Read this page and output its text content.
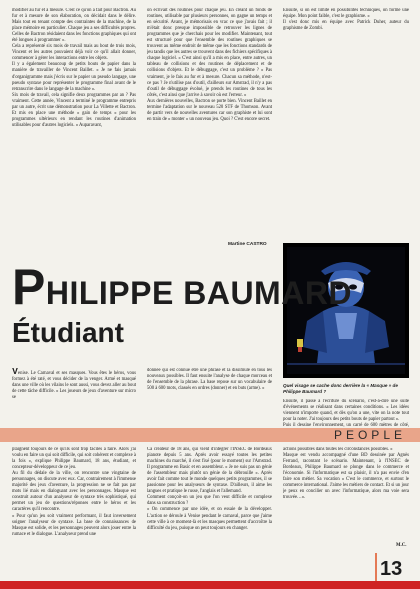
modifier au fur et à mesure. C'est ce qu'on a fait pour Bactron. Au fur et à mesure de son élaboration, on décidait dans le délire. Mais tout en tenant compte des contraintes de la machine, de la place mémoire en particulier. Chaque jeu a ses difficultés propres. Celles de Bactron résidaient dans les fonctions graphiques qui ont été longues à programmer ».
Cela a représenté six mois de travail mais au bout de trois mois, Vincent et les autres pouvaient déjà voir ce qu'il allait donner, commencer à gérer les interactions entre les objets.
Il y a également beaucoup de petits bouts de papier dans la manière de travailler de Vincent Baillet. « Je ne fais jamais d'organigramme mais j'écris sur le papier un pseudo langage, une pseudo syntaxe pour représenter le programme final avant de le retranscrire dans le langage de la machine ».
Six mois de travail, cela signifie deux programmes par an ? Pas vraiment. Cette année, Vincent a terminé le programme entrepris par un autre, écrit une démonstration pour La Villette et Bactron. Et mis en place une méthode « gain de temps » pour les programmes ultérieurs en rendant les routines d'animation utilisables pour d'autres logiciels. « Auparavant,
on écrivait des routines pour chaque jeu. En créant un fonds de routines, utilisable par plusieurs personnes, on gagne un temps et en sécurité. Avant, je mémorisais en vrac ce que j'avais fait ; il m'était donc presque impossible de retrouver les lignes de programmes que je cherchais pour les modifier. Maintenant, tout est structuré pour que l'ensemble des routines graphiques se trouvent au même endroit de même que les fonctions standards de jeu tandis que les autres se trouvent dans des fichiers spécifiques à chaque logiciel. » C'est ainsi qu'il a mis en place, entre autres, un tableau de collisions et des routines de déplacement et de collisions d'objets. Et le débuggage, c'est un problème ? « Pas vraiment, je le fais au fur et à mesure. Chacun sa méthode, n'est-ce pas ? Je n'utilise pas d'outil, d'ailleurs sur Amstrad, il n'y a pas d'outil de débuggage évolué, je prends les routines de tous les côtés, c'est ainsi que j'arrive à savoir où est l'erreur. »
Aux dernières nouvelles, Bactron se porte bien. Vincent Baillet en termine l'adaptation sur le nouveau 520 STF de Thomson. Avant de partir vers de nouvelles aventures car son graphiste et lui sont en train de « monter » un nouveau jeu. Quoi ? C'est encore secret.
Martine CASTRO
Ensuite, si on est limité en possibilités techniques, on forme une équipe. Mon point faible, c'est le graphisme. »
Il s'est donc mis en équipe avec Patrick Duher, auteur du graphisme de Zombi.
Quel visage se cache donc derrière la « Masque » de Philippe Baumard ?
Ensuite, il passe à l'écriture du scénario, c'est-à-dire une suite d'événements se réalisant dans certaines conditions. « Les idées viennent n'importe quand, et dès qu'on a une, vite on la note tout pour la noter. J'ai toujours des petits bouts de papier partout ».
Puis il dessine l'environnement, un carré de 600 mètres de côté,

PHILIPPE BAUMARD
Étudiant
Venise. Le Carnaval et ses masques. Vous êtes le héros, vous formez à été raté, et vous décider de la venger. Armé et masqué dans une ville où les vilains le sont aussi, vous devez aller au bout de cette tâche difficile. « Les joueurs de jeux d'aventure sur micro se
donnée qui est connue être une phrase et la dissimulé en tous les nouveaux possibles. Il faut ensuite l'analyse de chaque morceau et de l'ensemble de la phrase. La base repose sur un vocabulaire de 500 à 600 mots, classés en ordres (donner) et en buts (arme). »
PEOPLE
plaignent toujours de ce qu'ils sont trop faciles à faire. Alors j'ai voulu en faire un qui soit difficile, qui soit cohérent et complexe à la fois », explique Philippe Baumard, 18 ans, étudiant, et concepteur-développeur de ce jeu.
Au fil du dédale de la ville, on rencontre une vingtaine de personnages, on discute avec eux. Car, contrairement à l'immense majorité des jeux d'aventure, la progression ne se fait pas par mots lié mais en dialoguant avec les personnages. Masque est construit autour d'un analyseur de syntaxe très sophistiqué, qui permet un jeu de questions/réponses entre le héros et les caractères qu'il rencontre.
« Pour qu'un jeu soit vraiment performant, il faut inversement soigner l'analyseur de syntaxe. La base de connaissances de Masque est solide, et les personnages peuvent alors jouer entre la rumace et le dialogue. L'analyseur prend une
Ca créateur de 18 ans, qui vient d'intégrer l'INSEC de Bordeaux pianote depuis 5 ans. Après avoir essayé toutes les petites machines du marché, il s'est fixé (pour le moment) sur l'Amstrad. Il programme en Basic et en assembleur. « Je ne suis pas un génie de l'assembleur mais plutôt un génie de la débrouille ». Après avoir fait comme tout le monde quelques petits programmes, il se passionne pour les analyseurs de syntaxe. D'ailleurs, il aime les langues et pratique le russe, l'anglais et l'allemand.
Comment conçoit-on un jeu que l'on veut difficile et complexe dans sa construction ?
« On commence par une idée, et on essaie de la développer. L'action se déroule à Venise pendant le carnaval, parce que j'aime cette ville à ce moment-là et les masques permettent d'accroître la difficulté du jeu, puisque on peut toujours en changer.
actions possibles dans toutes les circonstances possibles. »
Masque est vendu accompagné d'une BD dessinée par Agnès Ferrand, racontant le scénario. Maintenant, à l'INSEC de Bordeaux, Philippe Baumard se plonge dans le commerce et l'économie. Si l'informatique est sa plaisir, il n'a pas envie d'en faire son métier. Sa vocation « C'est le commerce, et surtout le commerce international. J'aime les métiers de contact. Et si un jour je peux en concilier un avec l'informatique, alors ma voie sera trouvée…».
M.C.
13
